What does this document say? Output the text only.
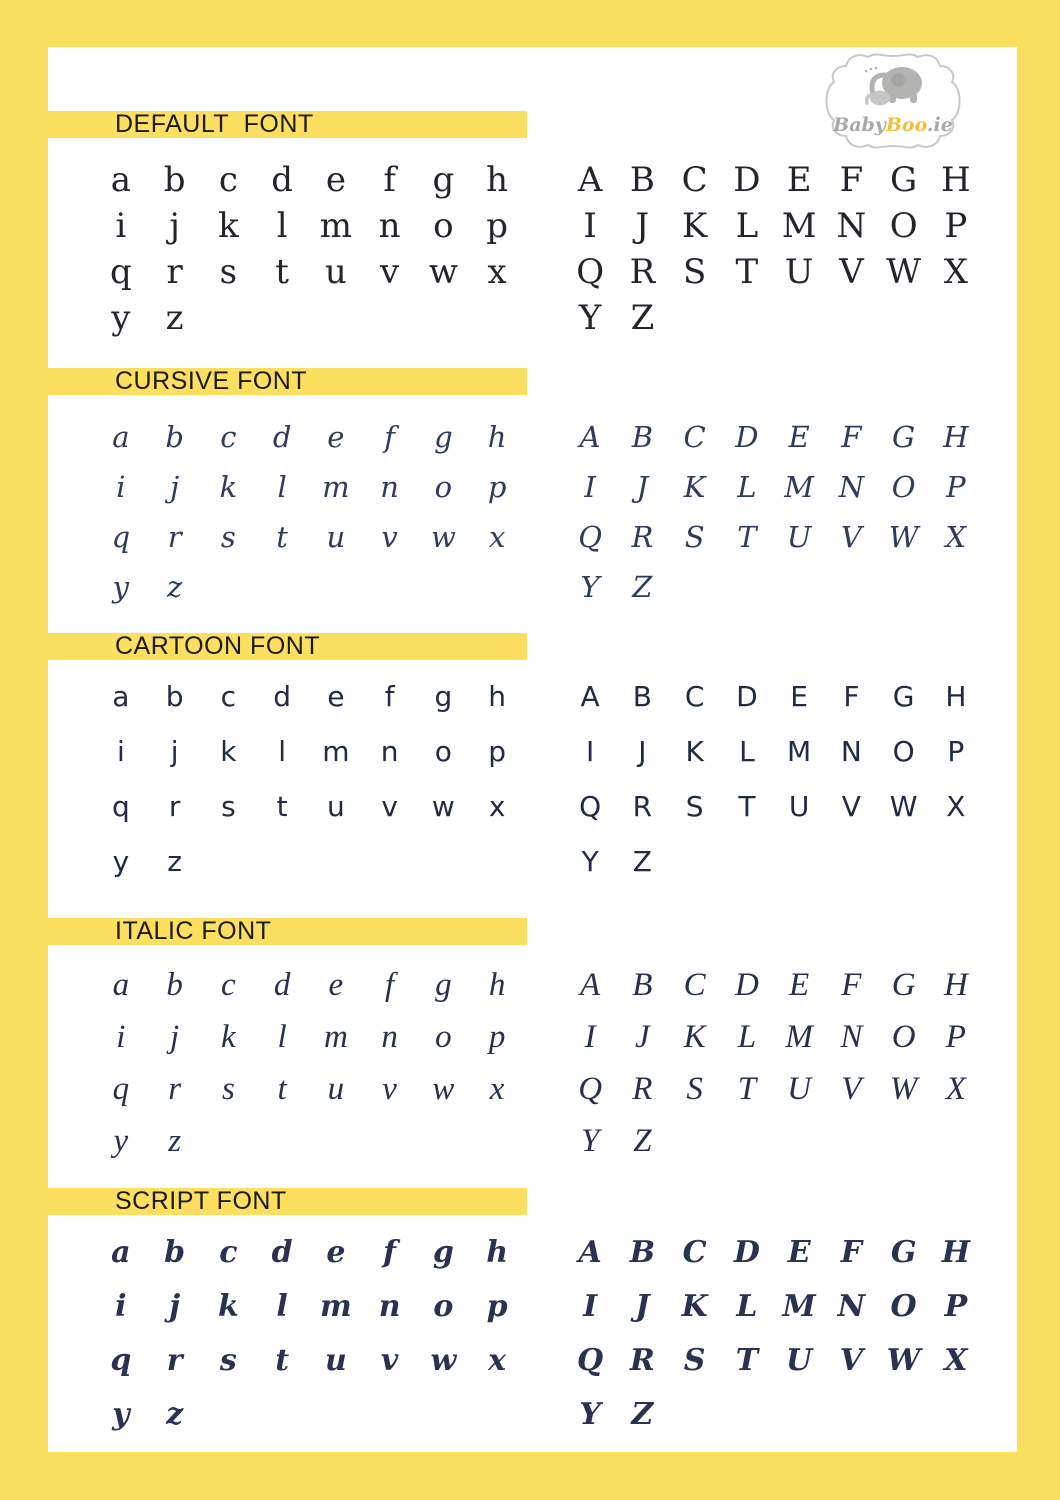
BabyBoo.ie
DEFAULT  FONT
a b c d e	f	g h
i	j	k	l m n o p
q	r	s	t	u v w x
y	z
A B C D E F G H
I	J K L M N O P
Q R S T U V W X
Y Z
CURSIVE FONT
a	b	c	d	e	f	g	h
i	j	k	l	m	n	o	p
q	r	s	t	u	v	w	x
y	z
A	B	C	D	E	F	G H
I	J	K	L M N O	P
Q	R	S	T	U	V W X
Y	Z
CARTOON FONT
a	b	c	d	e	f	g	h
i	j	k	l	m	n	o	p
q	r	s	t	u	v	w	x
y	z
A	B	C	D	E	F	G	H
I	J	K	L	M	N	O	P
Q	R	S	T	U	V	W	X
Y	Z
ITALIC FONT
a	b	c	d	e	f	g	h
i	j	k	l	m	n	o	p
q	r	s	t	u	v	w	x
y	z
A B C D E F G H
I	J	K L M N O P
Q R	S	T U V W X
Y	Z
SCRIPT FONT
a	b	c	d	e	f	g	h
i	j	k	l	m n	o	p
q	r	s	t	u	v	w	x
y	z
A B C D E	F G H
I	J	K L M N O P
Q R S	T U V W X
Y	Z
